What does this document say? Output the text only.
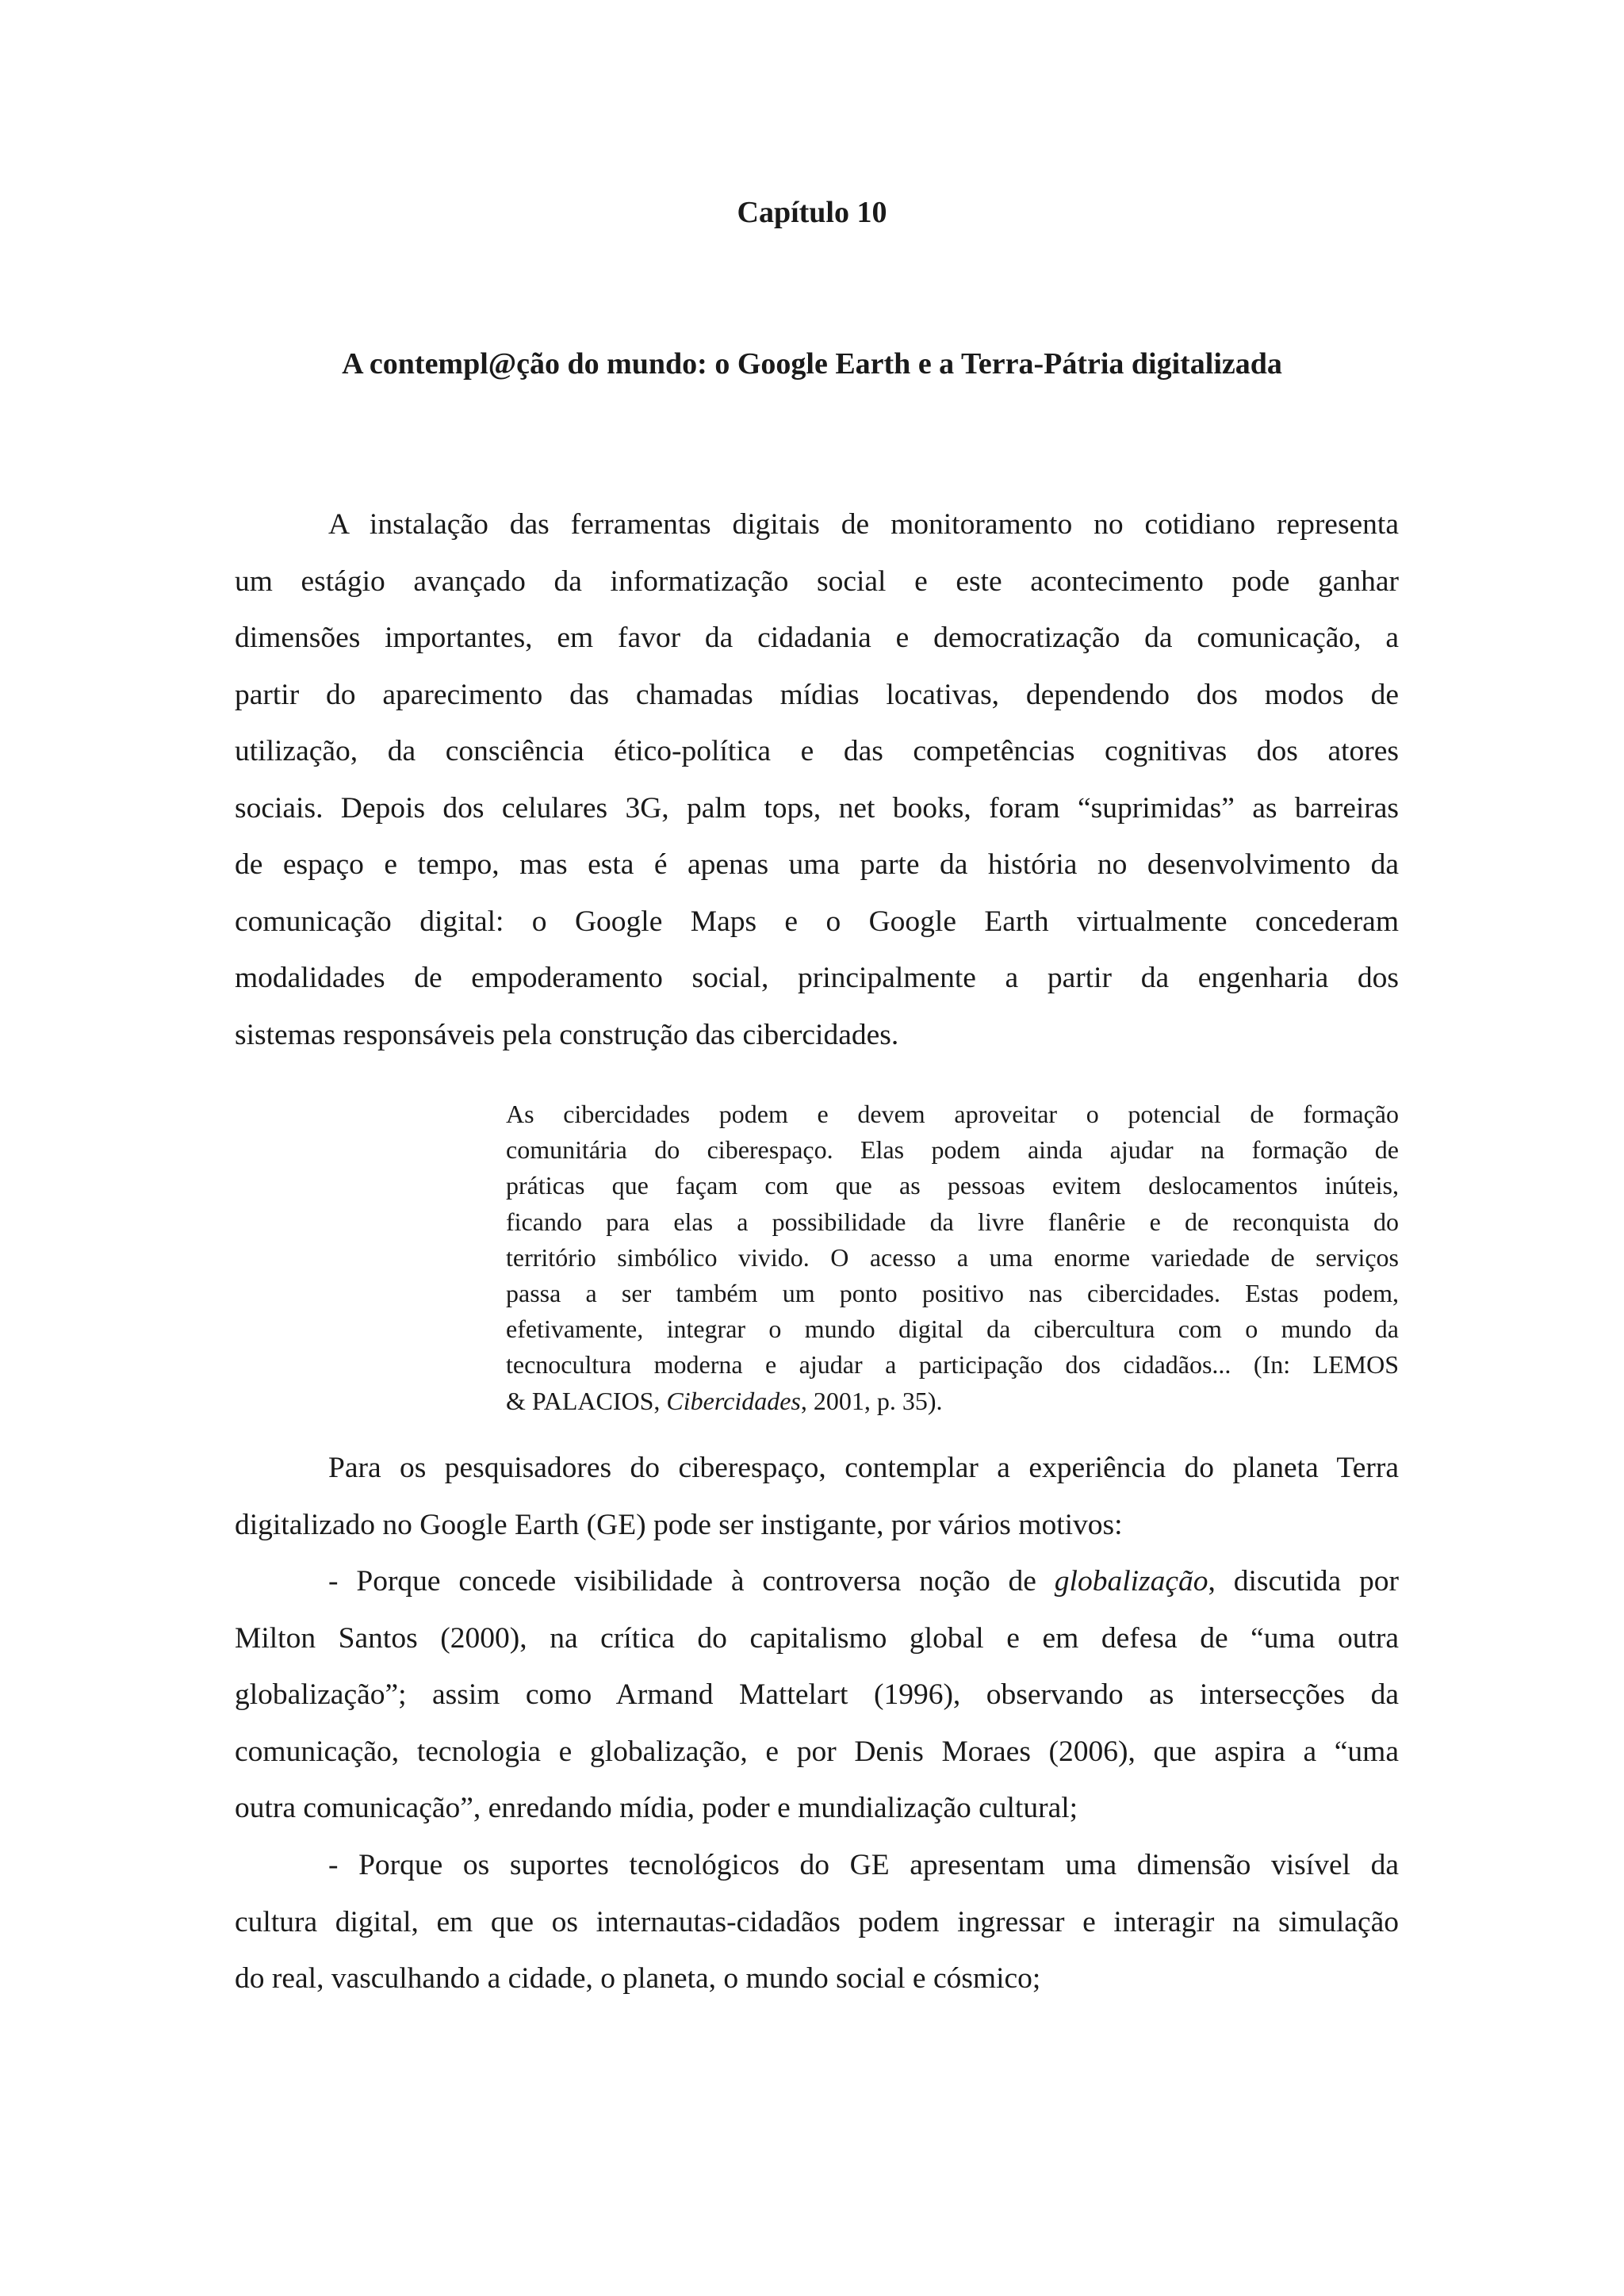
Capítulo 10
A contempl@ção do mundo: o Google Earth e a Terra-Pátria digitalizada
A instalação das ferramentas digitais de monitoramento no cotidiano representa
um estágio avançado da informatização social e este acontecimento pode ganhar
dimensões importantes, em favor da cidadania e democratização da comunicação, a
partir do aparecimento das chamadas mídias locativas, dependendo dos modos de
utilização, da consciência ético-política e das competências cognitivas dos atores
sociais. Depois dos celulares 3G, palm tops, net books, foram “suprimidas” as barreiras
de espaço e tempo, mas esta é apenas uma parte da história no desenvolvimento da
comunicação digital: o Google Maps e o Google Earth virtualmente concederam
modalidades de empoderamento social, principalmente a partir da engenharia dos
sistemas responsáveis pela construção das cibercidades.
As cibercidades podem e devem aproveitar o potencial de formação
comunitária do ciberespaço. Elas podem ainda ajudar na formação de
práticas que façam com que as pessoas evitem deslocamentos inúteis,
ficando para elas a possibilidade da livre flanêrie e de reconquista do
território simbólico vivido. O acesso a uma enorme variedade de serviços
passa a ser também um ponto positivo nas cibercidades. Estas podem,
efetivamente, integrar o mundo digital da cibercultura com o mundo da
tecnocultura moderna e ajudar a participação dos cidadãos... (In: LEMOS
& PALACIOS, Cibercidades, 2001, p. 35).
Para os pesquisadores do ciberespaço, contemplar a experiência do planeta Terra
digitalizado no Google Earth (GE) pode ser instigante, por vários motivos:
- Porque concede visibilidade à controversa noção de globalização, discutida por
Milton Santos (2000), na crítica do capitalismo global e em defesa de “uma outra
globalização”; assim como Armand Mattelart (1996), observando as intersecções da
comunicação, tecnologia e globalização, e por Denis Moraes (2006), que aspira a “uma
outra comunicação”, enredando mídia, poder e mundialização cultural;
- Porque os suportes tecnológicos do GE apresentam uma dimensão visível da
cultura digital, em que os internautas-cidadãos podem ingressar e interagir na simulação
do real, vasculhando a cidade, o planeta, o mundo social e cósmico;
